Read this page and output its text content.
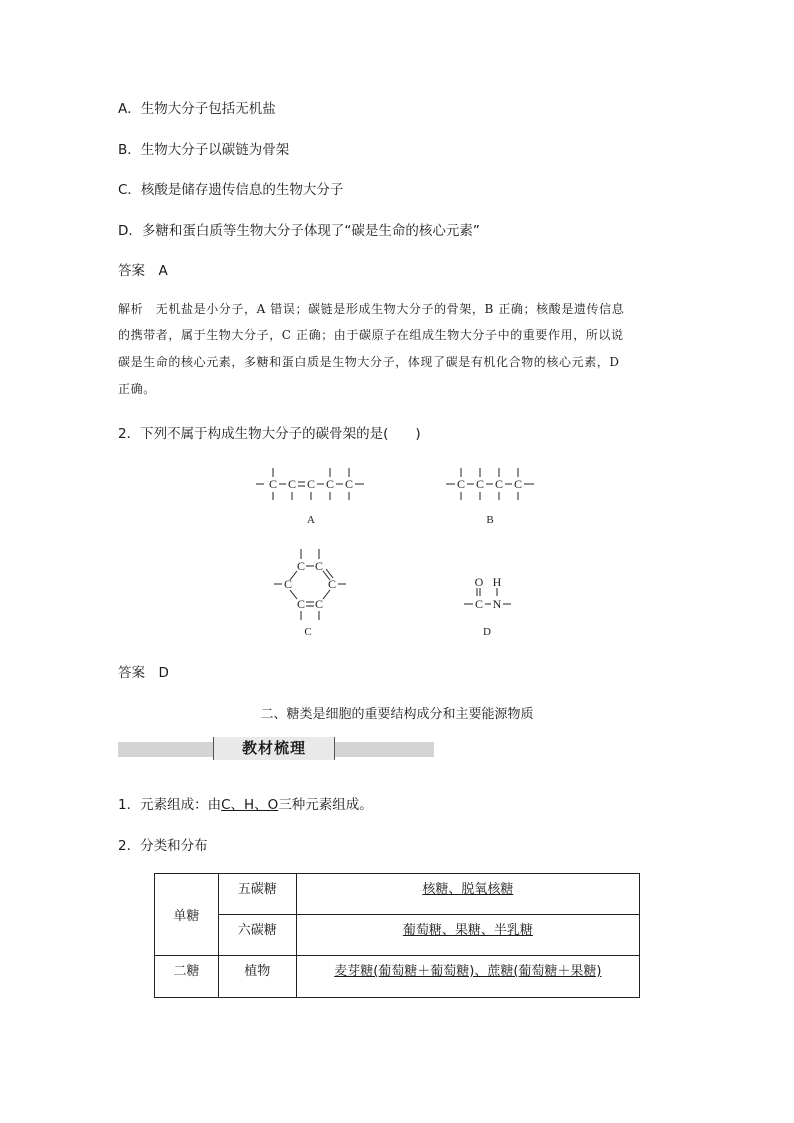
A．生物大分子包括无机盐
B．生物大分子以碳链为骨架
C．核酸是储存遗传信息的生物大分子
D．多糖和蛋白质等生物大分子体现了“碳是生命的核心元素”
答案　A
解析　无机盐是小分子，A 错误；碳链是形成生物大分子的骨架，B 正确；核酸是遗传信息
的携带者，属于生物大分子，C 正确；由于碳原子在组成生物大分子中的重要作用，所以说
碳是生命的核心元素，多糖和蛋白质是生物大分子，体现了碳是有机化合物的核心元素，D
正确。
2．下列不属于构成生物大分子的碳骨架的是(　　)
C C C C C
A
C C C C
B
C C
C	C
C C
C
O H
C N
D
答案　D
二、糖类是细胞的重要结构成分和主要能源物质
教材梳理
1．元素组成：由C、H、O三种元素组成。
2．分类和分布
单糖	五碳糖	核糖、脱氧核糖

	六碳糖	葡萄糖、果糖、半乳糖

二糖	植物	麦芽糖(葡萄糖＋葡萄糖)、蔗糖(葡萄糖＋果糖)
